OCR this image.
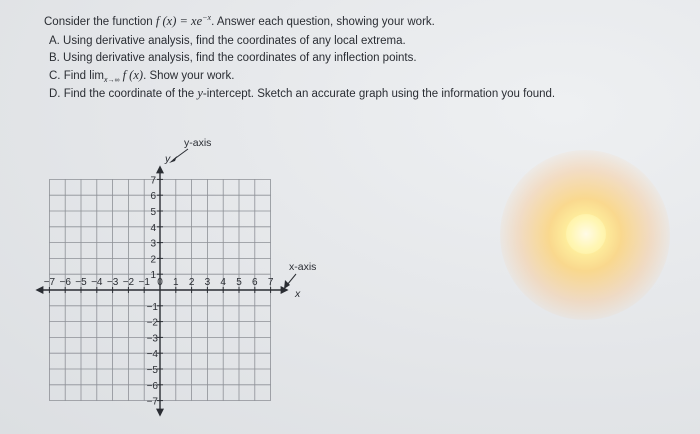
Consider the function f $(x) = xe^{-x}$. Answer each question, showing your work.
A. Using derivative analysis, find the coordinates of any local extrema.
B. Using derivative analysis, find the coordinates of any inflection points.
C. Find $\lim_{x\to\infty} f$ (x). Show your work.
D. Find the coordinate of the y-intercept. Sketch an accurate graph using the information you found.
−7 −6 −5 −4 −3 −2 −1 0 1 2 3 4 5 6 7
7
6
5
4
3
2
1
−1
−2
−3
−4
−5
−6
−7
y-axis
y
x-axis
x
